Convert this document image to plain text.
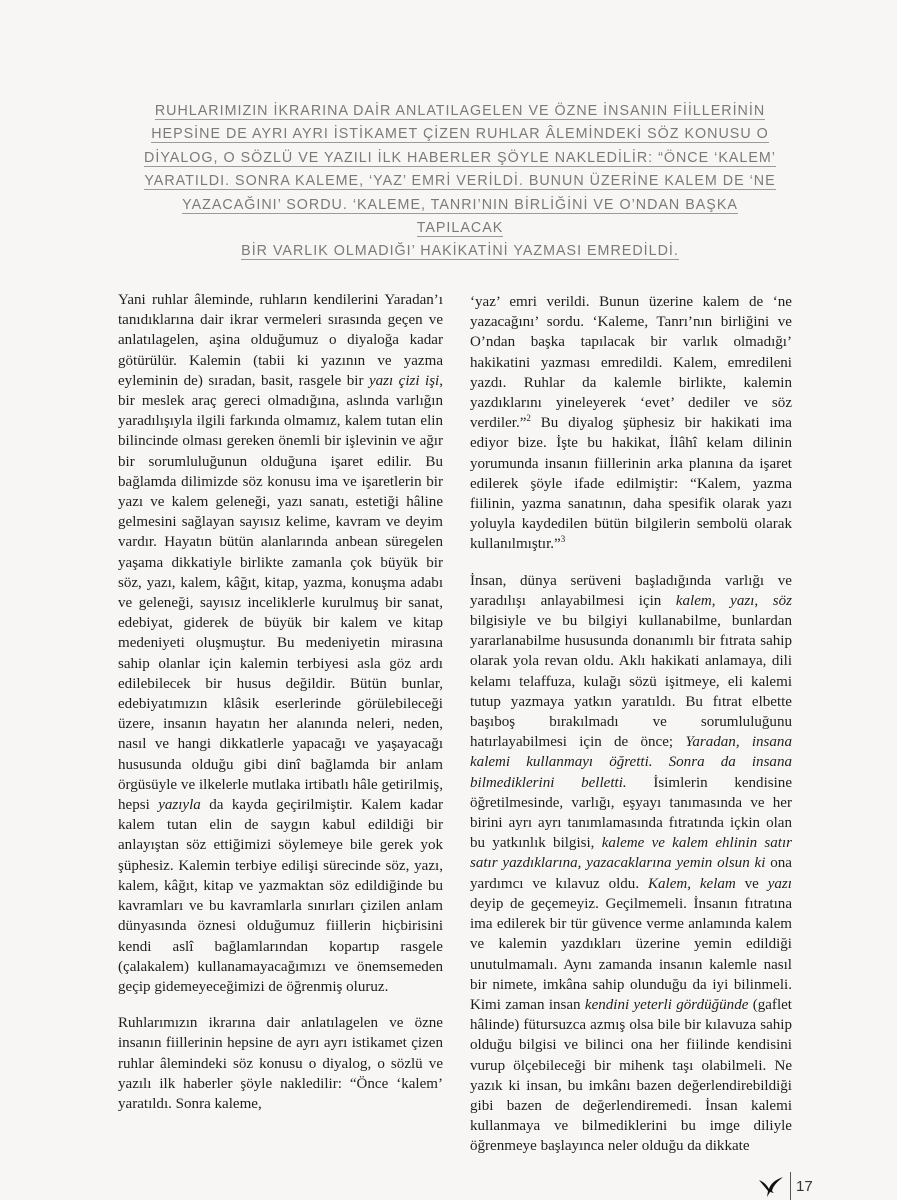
RUHLARIMIZIN İKRARINA DAİR ANLATILAGELEN VE ÖZNE İNSANIN FİİLLERİNİN
HEPSİNE DE AYRI AYRI İSTİKAMET ÇİZEN RUHLAR ÂLEMİNDEKİ SÖZ KONUSU O
DİYALOG, O SÖZLÜ VE YAZILI İLK HABERLER ŞÖYLE NAKLEDİLİR: “ÖNCE ‘KALEM’
YARATILDI. SONRA KALEME, ‘YAZ’ EMRİ VERİLDİ. BUNUN ÜZERİNE KALEM DE ‘NE
YAZACAĞINI’ SORDU. ‘KALEME, TANRI’NIN BİRLİĞİNİ VE O’NDAN BAŞKA TAPILACAK
BİR VARLIK OLMADIĞI’ HAKİKATİNİ YAZMASI EMREDİLDİ.

Yani ruhlar âleminde, ruhların kendilerini Yaradan’ı tanıdıklarına dair ikrar vermeleri sırasında geçen ve anlatılagelen, aşina olduğumuz o diyaloğa kadar götürülür. Kalemin (tabii ki yazının ve yazma eyleminin de) sıradan, basit, rasgele bir yazı çizi işi, bir meslek araç gereci olmadığına, aslında varlığın yaradılışıyla ilgili farkında olmamız, kalem tutan elin bilincinde olması gereken önemli bir işlevinin ve ağır bir sorumluluğunun olduğuna işaret edilir. Bu bağlamda dilimizde söz konusu ima ve işaretlerin bir yazı ve kalem geleneği, yazı sanatı, estetiği hâline gelmesini sağlayan sayısız kelime, kavram ve deyim vardır. Hayatın bütün alanlarında anbean süregelen yaşama dikkatiyle birlikte zamanla çok büyük bir söz, yazı, kalem, kâğıt, kitap, yazma, konuşma adabı ve geleneği, sayısız inceliklerle kurulmuş bir sanat, edebiyat, giderek de büyük bir kalem ve kitap medeniyeti oluşmuştur. Bu medeniyetin mirasına sahip olanlar için kalemin terbiyesi asla göz ardı edilebilecek bir husus değildir. Bütün bunlar, edebiyatımızın klâsik eserlerinde görülebileceği üzere, insanın hayatın her alanında neleri, neden, nasıl ve hangi dikkatlerle yapacağı ve yaşayacağı hususunda olduğu gibi dinî bağlamda bir anlam örgüsüyle ve ilkelerle mutlaka irtibatlı hâle getirilmiş, hepsi yazıyla da kayda geçirilmiştir. Kalem kadar kalem tutan elin de saygın kabul edildiği bir anlayıştan söz ettiğimizi söylemeye bile gerek yok şüphesiz. Kalemin terbiye edilişi sürecinde söz, yazı, kalem, kâğıt, kitap ve yazmaktan söz edildiğinde bu kavramları ve bu kavramlarla sınırları çizilen anlam dünyasında öznesi olduğumuz fiillerin hiçbirisini kendi aslî bağlamlarından kopartıp rasgele (çalakalem) kullanamayacağımızı ve önemsemeden geçip gidemeyeceğimizi de öğrenmiş oluruz.

Ruhlarımızın ikrarına dair anlatılagelen ve özne insanın fiillerinin hepsine de ayrı ayrı istikamet çizen ruhlar âlemindeki söz konusu o diyalog, o sözlü ve yazılı ilk haberler şöyle nakledilir: “Önce ‘kalem’ yaratıldı. Sonra kaleme,

‘yaz’ emri verildi. Bunun üzerine kalem de ‘ne yazacağını’ sordu. ‘Kaleme, Tanrı’nın birliğini ve O’ndan başka tapılacak bir varlık olmadığı’ hakikatini yazması emredildi. Kalem, emredileni yazdı. Ruhlar da kalemle birlikte, kalemin yazdıklarını yineleyerek ‘evet’ dediler ve söz verdiler.”$^2$ Bu diyalog şüphesiz bir hakikati ima ediyor bize. İşte bu hakikat, İlâhî kelam dilinin yorumunda insanın fiillerinin arka planına da işaret edilerek şöyle ifade edilmiştir: “Kalem, yazma fiilinin, yazma sanatının, daha spesifik olarak yazı yoluyla kaydedilen bütün bilgilerin sembolü olarak kullanılmıştır.”$^3$

İnsan, dünya serüveni başladığında varlığı ve yaradılışı anlayabilmesi için kalem, yazı, söz bilgisiyle ve bu bilgiyi kullanabilme, bunlardan yararlanabilme hususunda donanımlı bir fıtrata sahip olarak yola revan oldu. Aklı hakikati anlamaya, dili kelamı telaffuza, kulağı sözü işitmeye, eli kalemi tutup yazmaya yatkın yaratıldı. Bu fıtrat elbette başıboş bırakılmadı ve sorumluluğunu hatırlayabilmesi için de önce; Yaradan, insana kalemi kullanmayı öğretti. Sonra da insana bilmediklerini belletti. İsimlerin kendisine öğretilmesinde, varlığı, eşyayı tanımasında ve her birini ayrı ayrı tanımlamasında fıtratında içkin olan bu yatkınlık bilgisi, kaleme ve kalem ehlinin satır satır yazdıklarına, yazacaklarına yemin olsun ki ona yardımcı ve kılavuz oldu. Kalem, kelam ve yazı deyip de geçemeyiz. Geçilmemeli. İnsanın fıtratına ima edilerek bir tür güvence verme anlamında kalem ve kalemin yazdıkları üzerine yemin edildiği unutulmamalı. Aynı zamanda insanın kalemle nasıl bir nimete, imkâna sahip olunduğu da iyi bilinmeli. Kimi zaman insan kendini yeterli gördüğünde (gaflet hâlinde) fütursuzca azmış olsa bile bir kılavuza sahip olduğu bilgisi ve bilinci ona her fiilinde kendisini vurup ölçebileceği bir mihenk taşı olabilmeli. Ne yazık ki insan, bu imkânı bazen değerlendirebildiği gibi bazen de değerlendiremedi. İnsan kalemi kullanmaya ve bilmediklerini bu imge diliyle öğrenmeye başlayınca neler olduğu da dikkate

17
